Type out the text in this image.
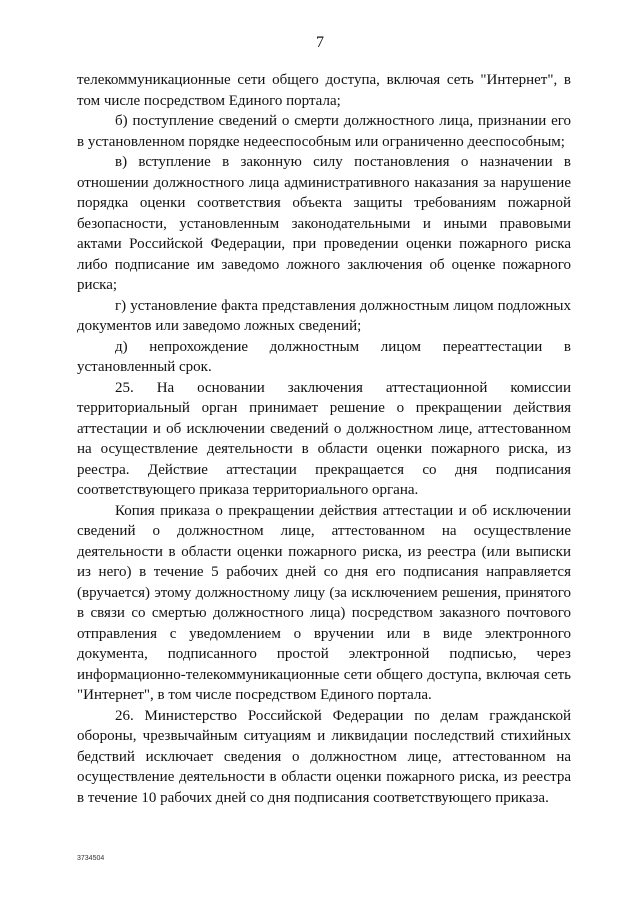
7

телекоммуникационные сети общего доступа, включая сеть "Интернет", в том числе посредством Единого портала;

б) поступление сведений о смерти должностного лица, признании его в установленном порядке недееспособным или ограниченно дееспособным;

в) вступление в законную силу постановления о назначении в отношении должностного лица административного наказания за нарушение порядка оценки соответствия объекта защиты требованиям пожарной безопасности, установленным законодательными и иными правовыми актами Российской Федерации, при проведении оценки пожарного риска либо подписание им заведомо ложного заключения об оценке пожарного риска;

г) установление факта представления должностным лицом подложных документов или заведомо ложных сведений;

д) непрохождение должностным лицом переаттестации в установленный срок.

25. На основании заключения аттестационной комиссии территориальный орган принимает решение о прекращении действия аттестации и об исключении сведений о должностном лице, аттестованном на осуществление деятельности в области оценки пожарного риска, из реестра. Действие аттестации прекращается со дня подписания соответствующего приказа территориального органа.

Копия приказа о прекращении действия аттестации и об исключении сведений о должностном лице, аттестованном на осуществление деятельности в области оценки пожарного риска, из реестра (или выписки из него) в течение 5 рабочих дней со дня его подписания направляется (вручается) этому должностному лицу (за исключением решения, принятого в связи со смертью должностного лица) посредством заказного почтового отправления с уведомлением о вручении или в виде электронного документа, подписанного простой электронной подписью, через информационно-телекоммуникационные сети общего доступа, включая сеть "Интернет", в том числе посредством Единого портала.

26. Министерство Российской Федерации по делам гражданской обороны, чрезвычайным ситуациям и ликвидации последствий стихийных бедствий исключает сведения о должностном лице, аттестованном на осуществление деятельности в области оценки пожарного риска, из реестра в течение 10 рабочих дней со дня подписания соответствующего приказа.

3734504
